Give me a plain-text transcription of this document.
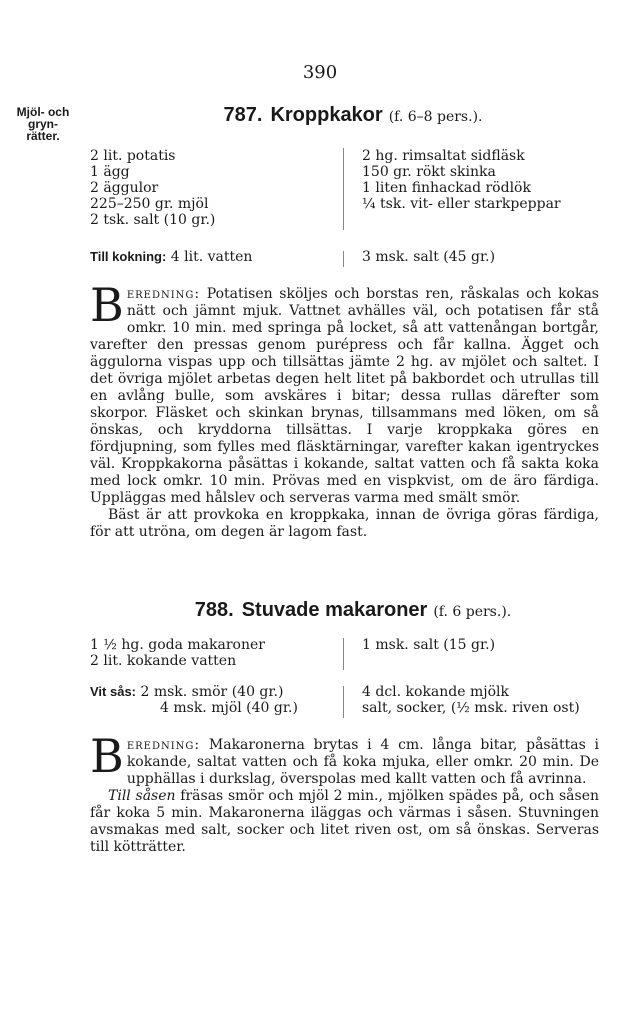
390
Mjöl- och
gryn-
rätter.
787. Kroppkakor (f. 6–8 pers.).
2 lit. potatis
1 ägg
2 äggulor
225–250 gr. mjöl
2 tsk. salt (10 gr.)
2 hg. rimsaltat sidfläsk
150 gr. rökt skinka
1 liten finhackad rödlök
¼ tsk. vit- eller starkpeppar
Till kokning: 4 lit. vatten	3 msk. salt (45 gr.)

Beredning: Potatisen sköljes och borstas ren, råskalas och kokas nätt och jämnt mjuk. Vattnet avhälles väl, och potatisen får stå omkr. 10 min. med springa på locket, så att vattenångan bortgår, varefter den pressas genom purépress och får kallna. Ägget och äggulorna vispas upp och tillsättas jämte 2 hg. av mjölet och saltet. I det övriga mjölet arbetas degen helt litet på bakbordet och utrullas till en avlång bulle, som avskäres i bitar; dessa rullas därefter som skorpor. Fläsket och skinkan brynas, tillsammans med löken, om så önskas, och kryddorna tillsättas. I varje kroppkaka göres en fördjupning, som fylles med fläsktärningar, varefter kakan igentryckes väl. Kroppkakorna påsättas i kokande, saltat vatten och få sakta koka med lock omkr. 10 min. Prövas med en vispkvist, om de äro färdiga. Uppläggas med hålslev och serveras varma med smält smör.

Bäst är att provkoka en kroppkaka, innan de övriga göras färdiga, för att utröna, om degen är lagom fast.

788. Stuvade makaroner (f. 6 pers.).
1 ½ hg. goda makaroner
2 lit. kokande vatten
1 msk. salt (15 gr.)
Vit sås: 2 msk. smör (40 gr.)
4 msk. mjöl (40 gr.)
4 dcl. kokande mjölk
salt, socker, (½ msk. riven ost)

Beredning: Makaronerna brytas i 4 cm. långa bitar, påsättas i kokande, saltat vatten och få koka mjuka, eller omkr. 20 min. De upphällas i durkslag, överspolas med kallt vatten och få avrinna.

Till såsen fräsas smör och mjöl 2 min., mjölken spädes på, och såsen får koka 5 min. Makaronerna iläggas och värmas i såsen. Stuvningen avsmakas med salt, socker och litet riven ost, om så önskas. Serveras till kötträtter.
